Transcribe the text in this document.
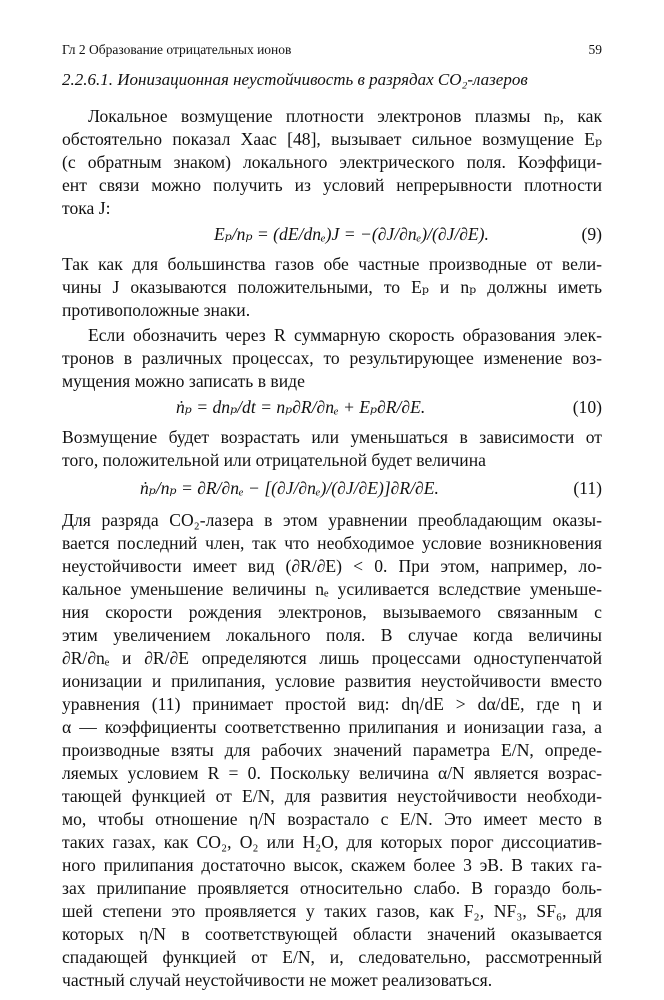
Гл 2 Образование отрицательных ионов	59
2.2.6.1. Ионизационная неустойчивость в разрядах CO₂-лазеров
Локальное возмущение плотности электронов плазмы nₚ, как
обстоятельно показал Хаас [48], вызывает сильное возмущение Eₚ
(с обратным знаком) локального электрического поля. Коэффици-
ент связи можно получить из условий непрерывности плотности
тока J:
Eₚ/nₚ = (dE/dnₑ)J = −(∂J/∂nₑ)/(∂J/∂E).	(9)
Так как для большинства газов обе частные производные от вели-
чины J оказываются положительными, то Eₚ и nₚ должны иметь
противоположные знаки.
Если обозначить через R суммарную скорость образования элек-
тронов в различных процессах, то результирующее изменение воз-
мущения можно записать в виде
ṅₚ = dnₚ/dt = nₚ∂R/∂nₑ + Eₚ∂R/∂E.	(10)
Возмущение будет возрастать или уменьшаться в зависимости от
того, положительной или отрицательной будет величина
ṅₚ/nₚ = ∂R/∂nₑ − [(∂J/∂nₑ)/(∂J/∂E)]∂R/∂E.	(11)
Для разряда CO₂-лазера в этом уравнении преобладающим оказы-
вается последний член, так что необходимое условие возникновения
неустойчивости имеет вид (∂R/∂E) < 0. При этом, например, ло-
кальное уменьшение величины nₑ усиливается вследствие уменьше-
ния скорости рождения электронов, вызываемого связанным с
этим увеличением локального поля. В случае когда величины
∂R/∂nₑ и ∂R/∂E определяются лишь процессами одноступенчатой
ионизации и прилипания, условие развития неустойчивости вместо
уравнения (11) принимает простой вид: dη/dE > dα/dE, где η и
α — коэффициенты соответственно прилипания и ионизации газа, а
производные взяты для рабочих значений параметра E/N, опреде-
ляемых условием R = 0. Поскольку величина α/N является возрас-
тающей функцией от E/N, для развития неустойчивости необходи-
мо, чтобы отношение η/N возрастало с E/N. Это имеет место в
таких газах, как CO₂, O₂ или H₂O, для которых порог диссоциатив-
ного прилипания достаточно высок, скажем более 3 эВ. В таких га-
зах прилипание проявляется относительно слабо. В гораздо боль-
шей степени это проявляется у таких газов, как F₂, NF₃, SF₆, для
которых η/N в соответствующей области значений оказывается
спадающей функцией от E/N, и, следовательно, рассмотренный
частный случай неустойчивости не может реализоваться.
